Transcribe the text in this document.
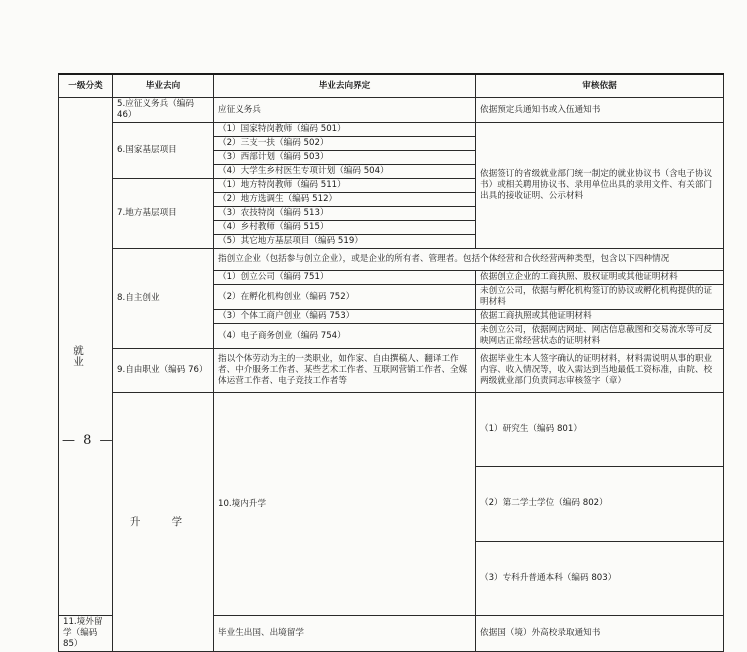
一级分类	毕业去向	毕业去向界定	审核依据	
就 业	5.应征义务兵（编码 46）	应征义务兵	依据预定兵通知书或入伍通知书	
	6.国家基层项目	（1）国家特岗教师（编码 501）	依据签订的省级就业部门统一制定的就业协议书（含电子协议书）或相关聘用协议书、录用单位出具的录用文件、有关部门出具的接收证明、公示材料	
		（2）三支一扶（编码 502）		
		（3）西部计划（编码 503）		
		（4）大学生乡村医生专项计划（编码 504）		
	7.地方基层项目	（1）地方特岗教师（编码 511）		
		（2）地方选调生（编码 512）		
		（3）农技特岗（编码 513）		
		（4）乡村教师（编码 515）		
		（5）其它地方基层项目（编码 519）		
	8.自主创业	指创立企业（包括参与创立企业），或是企业的所有者、管理者。包括个体经营和合伙经营两种类型，包含以下四种情况		
		（1）创立公司（编码 751）	依据创立企业的工商执照、股权证明或其他证明材料	
		（2）在孵化机构创业（编码 752）	未创立公司，依据与孵化机构签订的协议或孵化机构提供的证明材料	
		（3）个体工商户创业（编码 753）	依据工商执照或其他证明材料	
		（4）电子商务创业（编码 754）	未创立公司，依据网店网址、网店信息截图和交易流水等可反映网店正常经营状态的证明材料	
	9.自由职业（编码 76）	指以个体劳动为主的一类职业，如作家、自由撰稿人、翻译工作者、中介服务工作者、某些艺术工作者、互联网营销工作者、全媒体运营工作者、电子竞技工作者等	依据毕业生本人签字确认的证明材料，材料需说明从事的职业内容、收入情况等，收入需达到当地最低工资标准，由院、校两级就业部门负责同志审核签字（章）	
	升 学	10.境内升学	（1）研究生（编码 801）	
			（2）第二学士学位（编码 802）	
			（3）专科升普通本科（编码 803）	
11.境外留学（编码 85）		毕业生出国、出境留学	依据国（境）外高校录取通知书	
— 8 —
